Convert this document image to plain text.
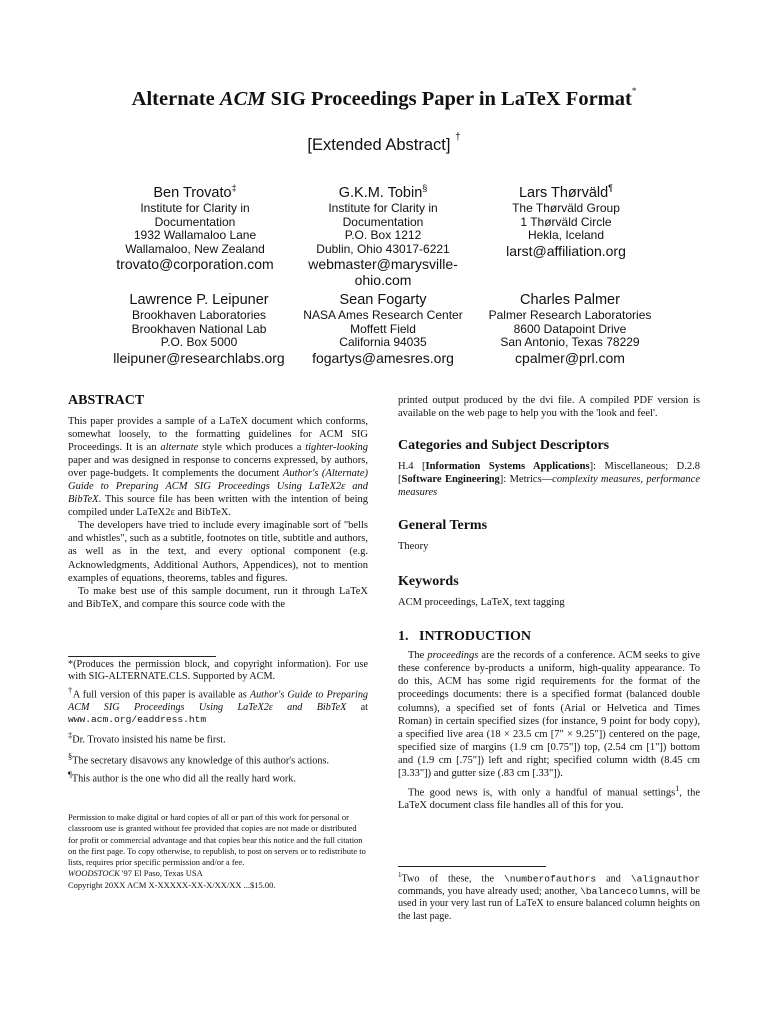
Alternate ACM SIG Proceedings Paper in LaTeX Format*
[Extended Abstract] †
Ben Trovato‡
Institute for Clarity in
Documentation
1932 Wallamaloo Lane
Wallamaloo, New Zealand
trovato@corporation.com
G.K.M. Tobin§
Institute for Clarity in
Documentation
P.O. Box 1212
Dublin, Ohio 43017-6221
webmaster@marysville-ohio.com
Lars Thørväld¶
The Thørväld Group
1 Thørväld Circle
Hekla, Iceland
larst@affiliation.org
Lawrence P. Leipuner
Brookhaven Laboratories
Brookhaven National Lab
P.O. Box 5000
lleipuner@researchlabs.org
Sean Fogarty
NASA Ames Research Center
Moffett Field
California 94035
fogartys@amesres.org
Charles Palmer
Palmer Research Laboratories
8600 Datapoint Drive
San Antonio, Texas 78229
cpalmer@prl.com
ABSTRACT

This paper provides a sample of a LaTeX document which conforms, somewhat loosely, to the formatting guidelines for ACM SIG Proceedings. It is an alternate style which produces a tighter-looking paper and was designed in response to concerns expressed, by authors, over page-budgets. It complements the document Author's (Alternate) Guide to Preparing ACM SIG Proceedings Using LaTeX2ε and BibTeX. This source file has been written with the intention of being compiled under LaTeX2ε and BibTeX.

The developers have tried to include every imaginable sort of "bells and whistles", such as a subtitle, footnotes on title, subtitle and authors, as well as in the text, and every optional component (e.g. Acknowledgments, Additional Authors, Appendices), not to mention examples of equations, theorems, tables and figures.

To make best use of this sample document, run it through LaTeX and BibTeX, and compare this source code with the

*(Produces the permission block, and copyright information). For use with SIG-ALTERNATE.CLS. Supported by ACM.

†A full version of this paper is available as Author's Guide to Preparing ACM SIG Proceedings Using LaTeX2ε and BibTeX at www.acm.org/eaddress.htm

‡Dr. Trovato insisted his name be first.

§The secretary disavows any knowledge of this author's actions.

¶This author is the one who did all the really hard work.

Permission to make digital or hard copies of all or part of this work for personal or classroom use is granted without fee provided that copies are not made or distributed for profit or commercial advantage and that copies bear this notice and the full citation on the first page. To copy otherwise, to republish, to post on servers or to redistribute to lists, requires prior specific permission and/or a fee.

WOODSTOCK '97 El Paso, Texas USA

Copyright 20XX ACM X-XXXXX-XX-X/XX/XX ...$15.00.

printed output produced by the dvi file. A compiled PDF version is available on the web page to help you with the 'look and feel'.

Categories and Subject Descriptors

H.4 [Information Systems Applications]: Miscellaneous; D.2.8 [Software Engineering]: Metrics—complexity measures, performance measures

General Terms

Theory

Keywords

ACM proceedings, LaTeX, text tagging

1.   INTRODUCTION

The proceedings are the records of a conference. ACM seeks to give these conference by-products a uniform, high-quality appearance. To do this, ACM has some rigid requirements for the format of the proceedings documents: there is a specified format (balanced double columns), a specified set of fonts (Arial or Helvetica and Times Roman) in certain specified sizes (for instance, 9 point for body copy), a specified live area (18 × 23.5 cm [7" × 9.25"]) centered on the page, specified size of margins (1.9 cm [0.75"]) top, (2.54 cm [1"]) bottom and (1.9 cm [.75"]) left and right; specified column width (8.45 cm [3.33"]) and gutter size (.83 cm [.33"]).

The good news is, with only a handful of manual settings$^1$, the LaTeX document class file handles all of this for you.

$^1$Two of these, the \numberofauthors and \alignauthor commands, you have already used; another, \balancecolumns, will be used in your very last run of LaTeX to ensure balanced column heights on the last page.
